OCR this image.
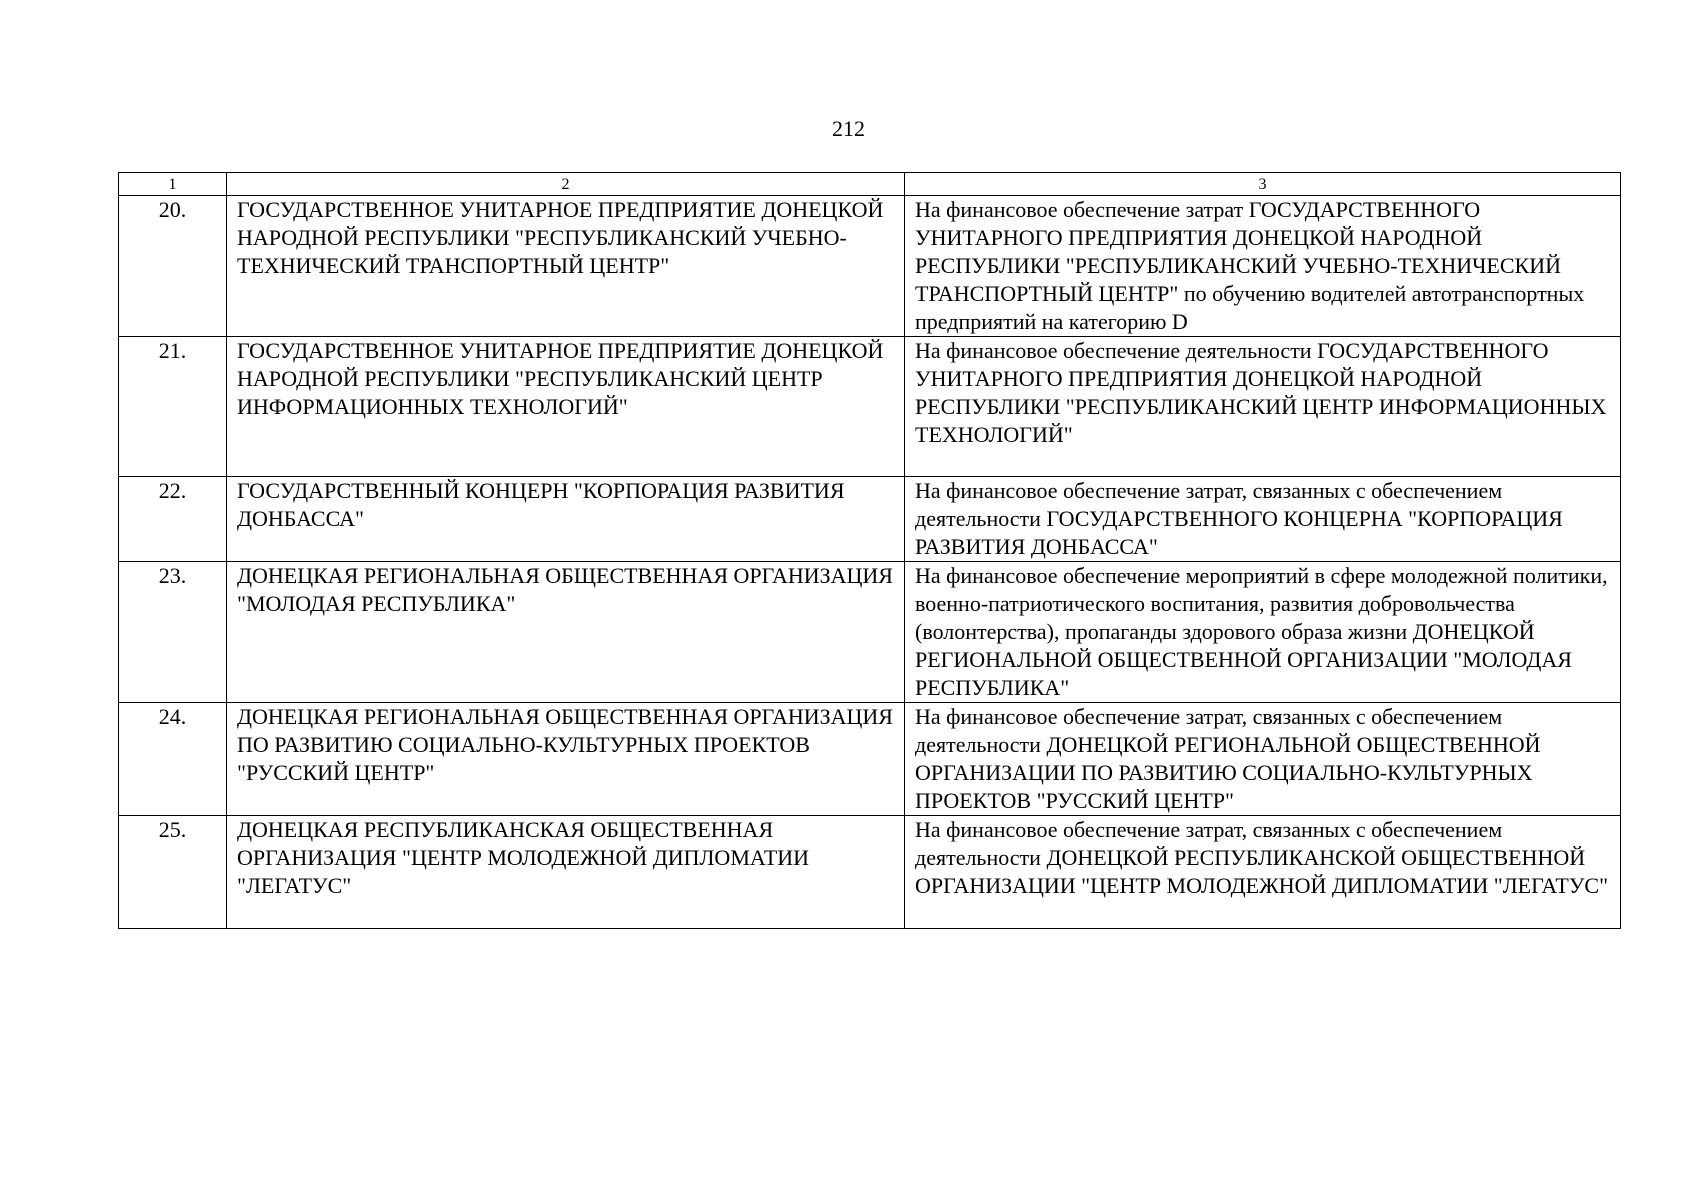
212
1	2	3
20.	ГОСУДАРСТВЕННОЕ УНИТАРНОЕ ПРЕДПРИЯТИЕ ДОНЕЦКОЙ НАРОДНОЙ РЕСПУБЛИКИ "РЕСПУБЛИКАНСКИЙ УЧЕБНО-ТЕХНИЧЕСКИЙ ТРАНСПОРТНЫЙ ЦЕНТР"	На финансовое обеспечение затрат ГОСУДАРСТВЕННОГО УНИТАРНОГО ПРЕДПРИЯТИЯ ДОНЕЦКОЙ НАРОДНОЙ РЕСПУБЛИКИ "РЕСПУБЛИКАНСКИЙ УЧЕБНО-ТЕХНИЧЕСКИЙ ТРАНСПОРТНЫЙ ЦЕНТР" по обучению водителей автотранспортных предприятий на категорию D
21.	ГОСУДАРСТВЕННОЕ УНИТАРНОЕ ПРЕДПРИЯТИЕ ДОНЕЦКОЙ НАРОДНОЙ РЕСПУБЛИКИ "РЕСПУБЛИКАНСКИЙ ЦЕНТР ИНФОРМАЦИОННЫХ ТЕХНОЛОГИЙ"	На финансовое обеспечение деятельности ГОСУДАРСТВЕННОГО УНИТАРНОГО ПРЕДПРИЯТИЯ ДОНЕЦКОЙ НАРОДНОЙ РЕСПУБЛИКИ "РЕСПУБЛИКАНСКИЙ ЦЕНТР ИНФОРМАЦИОННЫХ ТЕХНОЛОГИЙ"
22.	ГОСУДАРСТВЕННЫЙ КОНЦЕРН "КОРПОРАЦИЯ РАЗВИТИЯ ДОНБАССА"	На финансовое обеспечение затрат, связанных с обеспечением деятельности ГОСУДАРСТВЕННОГО КОНЦЕРНА "КОРПОРАЦИЯ РАЗВИТИЯ ДОНБАССА"
23.	ДОНЕЦКАЯ РЕГИОНАЛЬНАЯ ОБЩЕСТВЕННАЯ ОРГАНИЗАЦИЯ "МОЛОДАЯ РЕСПУБЛИКА"	На финансовое обеспечение мероприятий в сфере молодежной политики, военно-патриотического воспитания, развития добровольчества (волонтерства), пропаганды здорового образа жизни ДОНЕЦКОЙ РЕГИОНАЛЬНОЙ ОБЩЕСТВЕННОЙ ОРГАНИЗАЦИИ "МОЛОДАЯ РЕСПУБЛИКА"
24.	ДОНЕЦКАЯ РЕГИОНАЛЬНАЯ ОБЩЕСТВЕННАЯ ОРГАНИЗАЦИЯ ПО РАЗВИТИЮ СОЦИАЛЬНО-КУЛЬТУРНЫХ ПРОЕКТОВ "РУССКИЙ ЦЕНТР"	На финансовое обеспечение затрат, связанных с обеспечением деятельности ДОНЕЦКОЙ РЕГИОНАЛЬНОЙ ОБЩЕСТВЕННОЙ ОРГАНИЗАЦИИ ПО РАЗВИТИЮ СОЦИАЛЬНО-КУЛЬТУРНЫХ ПРОЕКТОВ "РУССКИЙ ЦЕНТР"
25.	ДОНЕЦКАЯ РЕСПУБЛИКАНСКАЯ ОБЩЕСТВЕННАЯ ОРГАНИЗАЦИЯ "ЦЕНТР МОЛОДЕЖНОЙ ДИПЛОМАТИИ "ЛЕГАТУС"	На финансовое обеспечение затрат, связанных с обеспечением деятельности ДОНЕЦКОЙ РЕСПУБЛИКАНСКОЙ ОБЩЕСТВЕННОЙ ОРГАНИЗАЦИИ "ЦЕНТР МОЛОДЕЖНОЙ ДИПЛОМАТИИ "ЛЕГАТУС"
